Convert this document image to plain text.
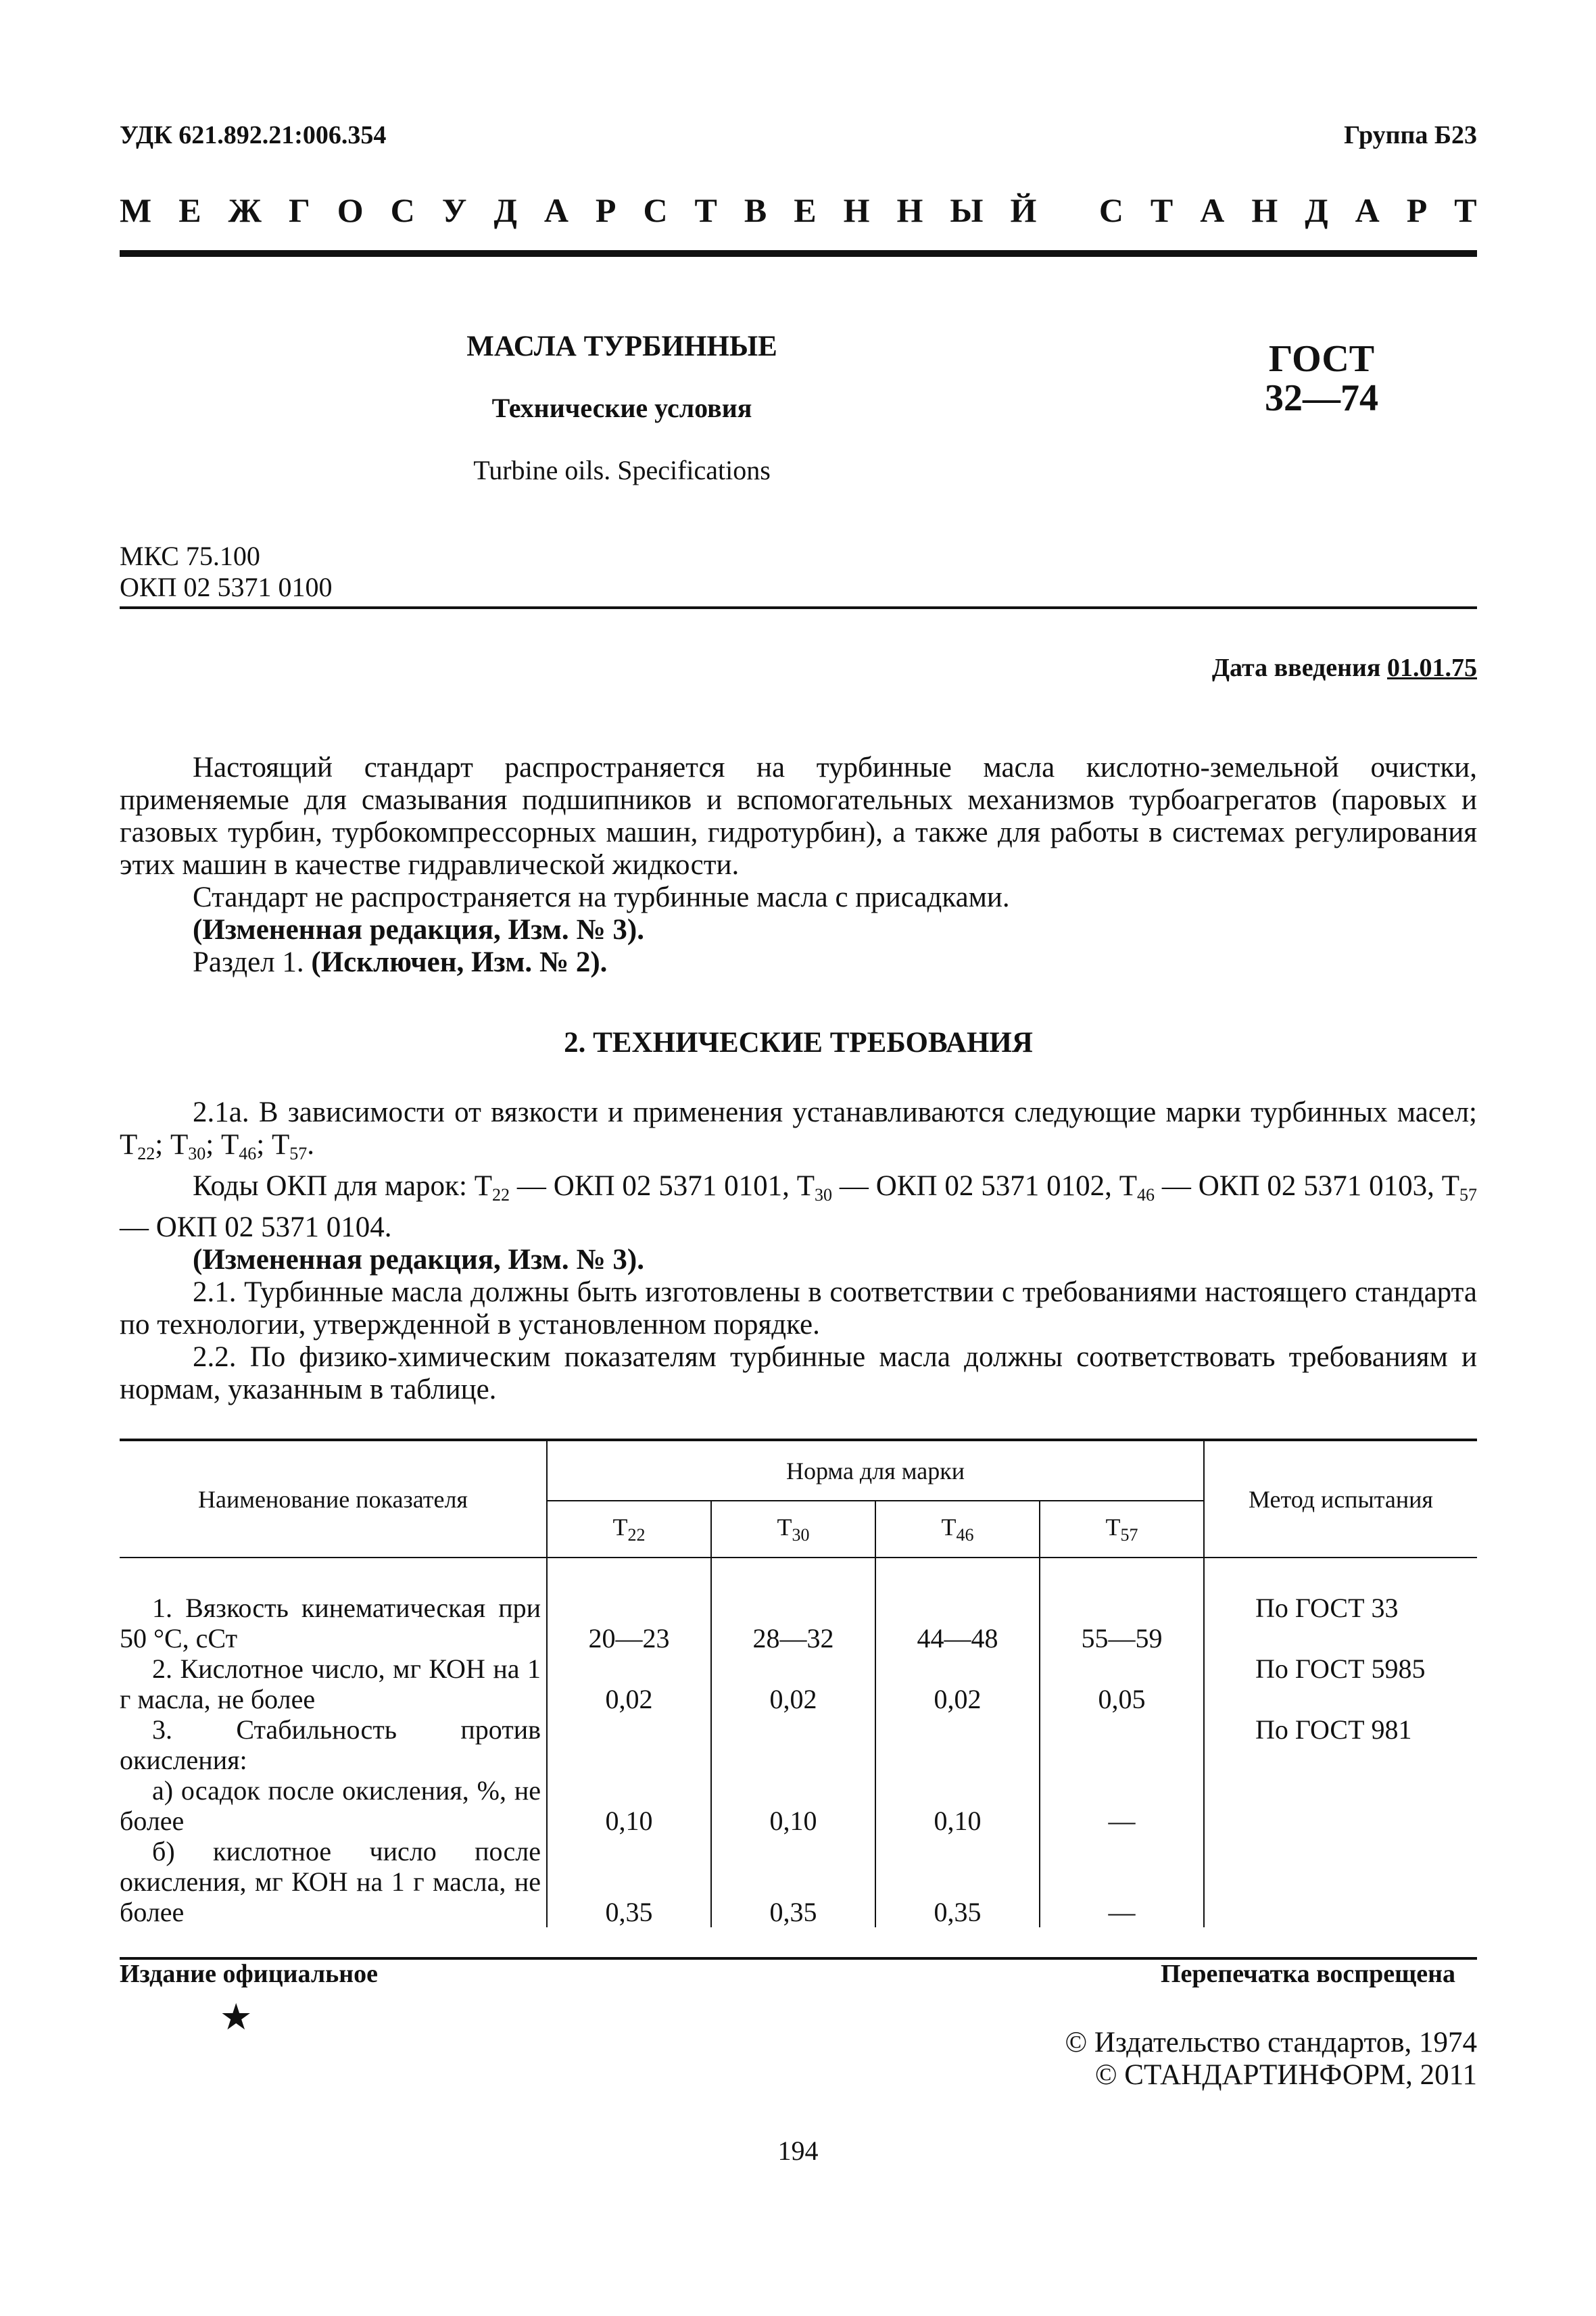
УДК 621.892.21:006.354	Группа Б23
М Е Ж Г О С У Д А Р С Т В Е Н Н Ы Й
С Т А Н Д А Р Т
МАСЛА ТУРБИННЫЕ
Технические условия
Turbine oils. Specifications
ГОСТ
32—74
МКС 75.100
ОКП 02 5371 0100
Дата введения 01.01.75

Настоящий стандарт распространяется на турбинные масла кислотно-земельной очистки, применяемые для смазывания подшипников и вспомогательных механизмов турбоагрегатов (паровых и газовых турбин, турбокомпрессорных машин, гидротурбин), а также для работы в системах регулирования этих машин в качестве гидравлической жидкости.

Стандарт не распространяется на турбинные масла с присадками.

(Измененная редакция, Изм. № 3).

Раздел 1. (Исключен, Изм. № 2).

2. ТЕХНИЧЕСКИЕ ТРЕБОВАНИЯ

2.1а. В зависимости от вязкости и применения устанавливаются следующие марки турбинных масел; $Т_{22}$; $Т_{30}$; $Т_{46}$; $Т_{57}$.

Коды ОКП для марок: $Т_{22}$ — ОКП 02 5371 0101, $Т_{30}$ — ОКП 02 5371 0102, $Т_{46}$ — ОКП 02 5371 0103, $Т_{57}$ — ОКП 02 5371 0104.

(Измененная редакция, Изм. № 3).

2.1. Турбинные масла должны быть изготовлены в соответствии с требованиями настоящего стандарта по технологии, утвержденной в установленном порядке.

2.2. По физико-химическим показателям турбинные масла должны соответствовать требованиям и нормам, указанным в таблице.

Наименование показателя	Норма для марки				Метод испытания
	$Т_{22}$	$Т_{30}$	$Т_{46}$	$Т_{57}$

1. Вязкость кинематическая при 50 °С, сСт	20—23	28—32	44—48	55—59	По ГОСТ 33

2. Кислотное число, мг КОН на 1 г масла, не более	0,02	0,02	0,02	0,05	По ГОСТ 5985

3. Стабильность против окисления:					По ГОСТ 981

а) осадок после окисления, %, не более	0,10	0,10	0,10	—	

б) кислотное число после окисления, мг КОН на 1 г масла, не более	0,35	0,35	0,35	—	

Издание официальное	Перепечатка воспрещена
★
© Издательство стандартов, 1974
© СТАНДАРТИНФОРМ, 2011
194
